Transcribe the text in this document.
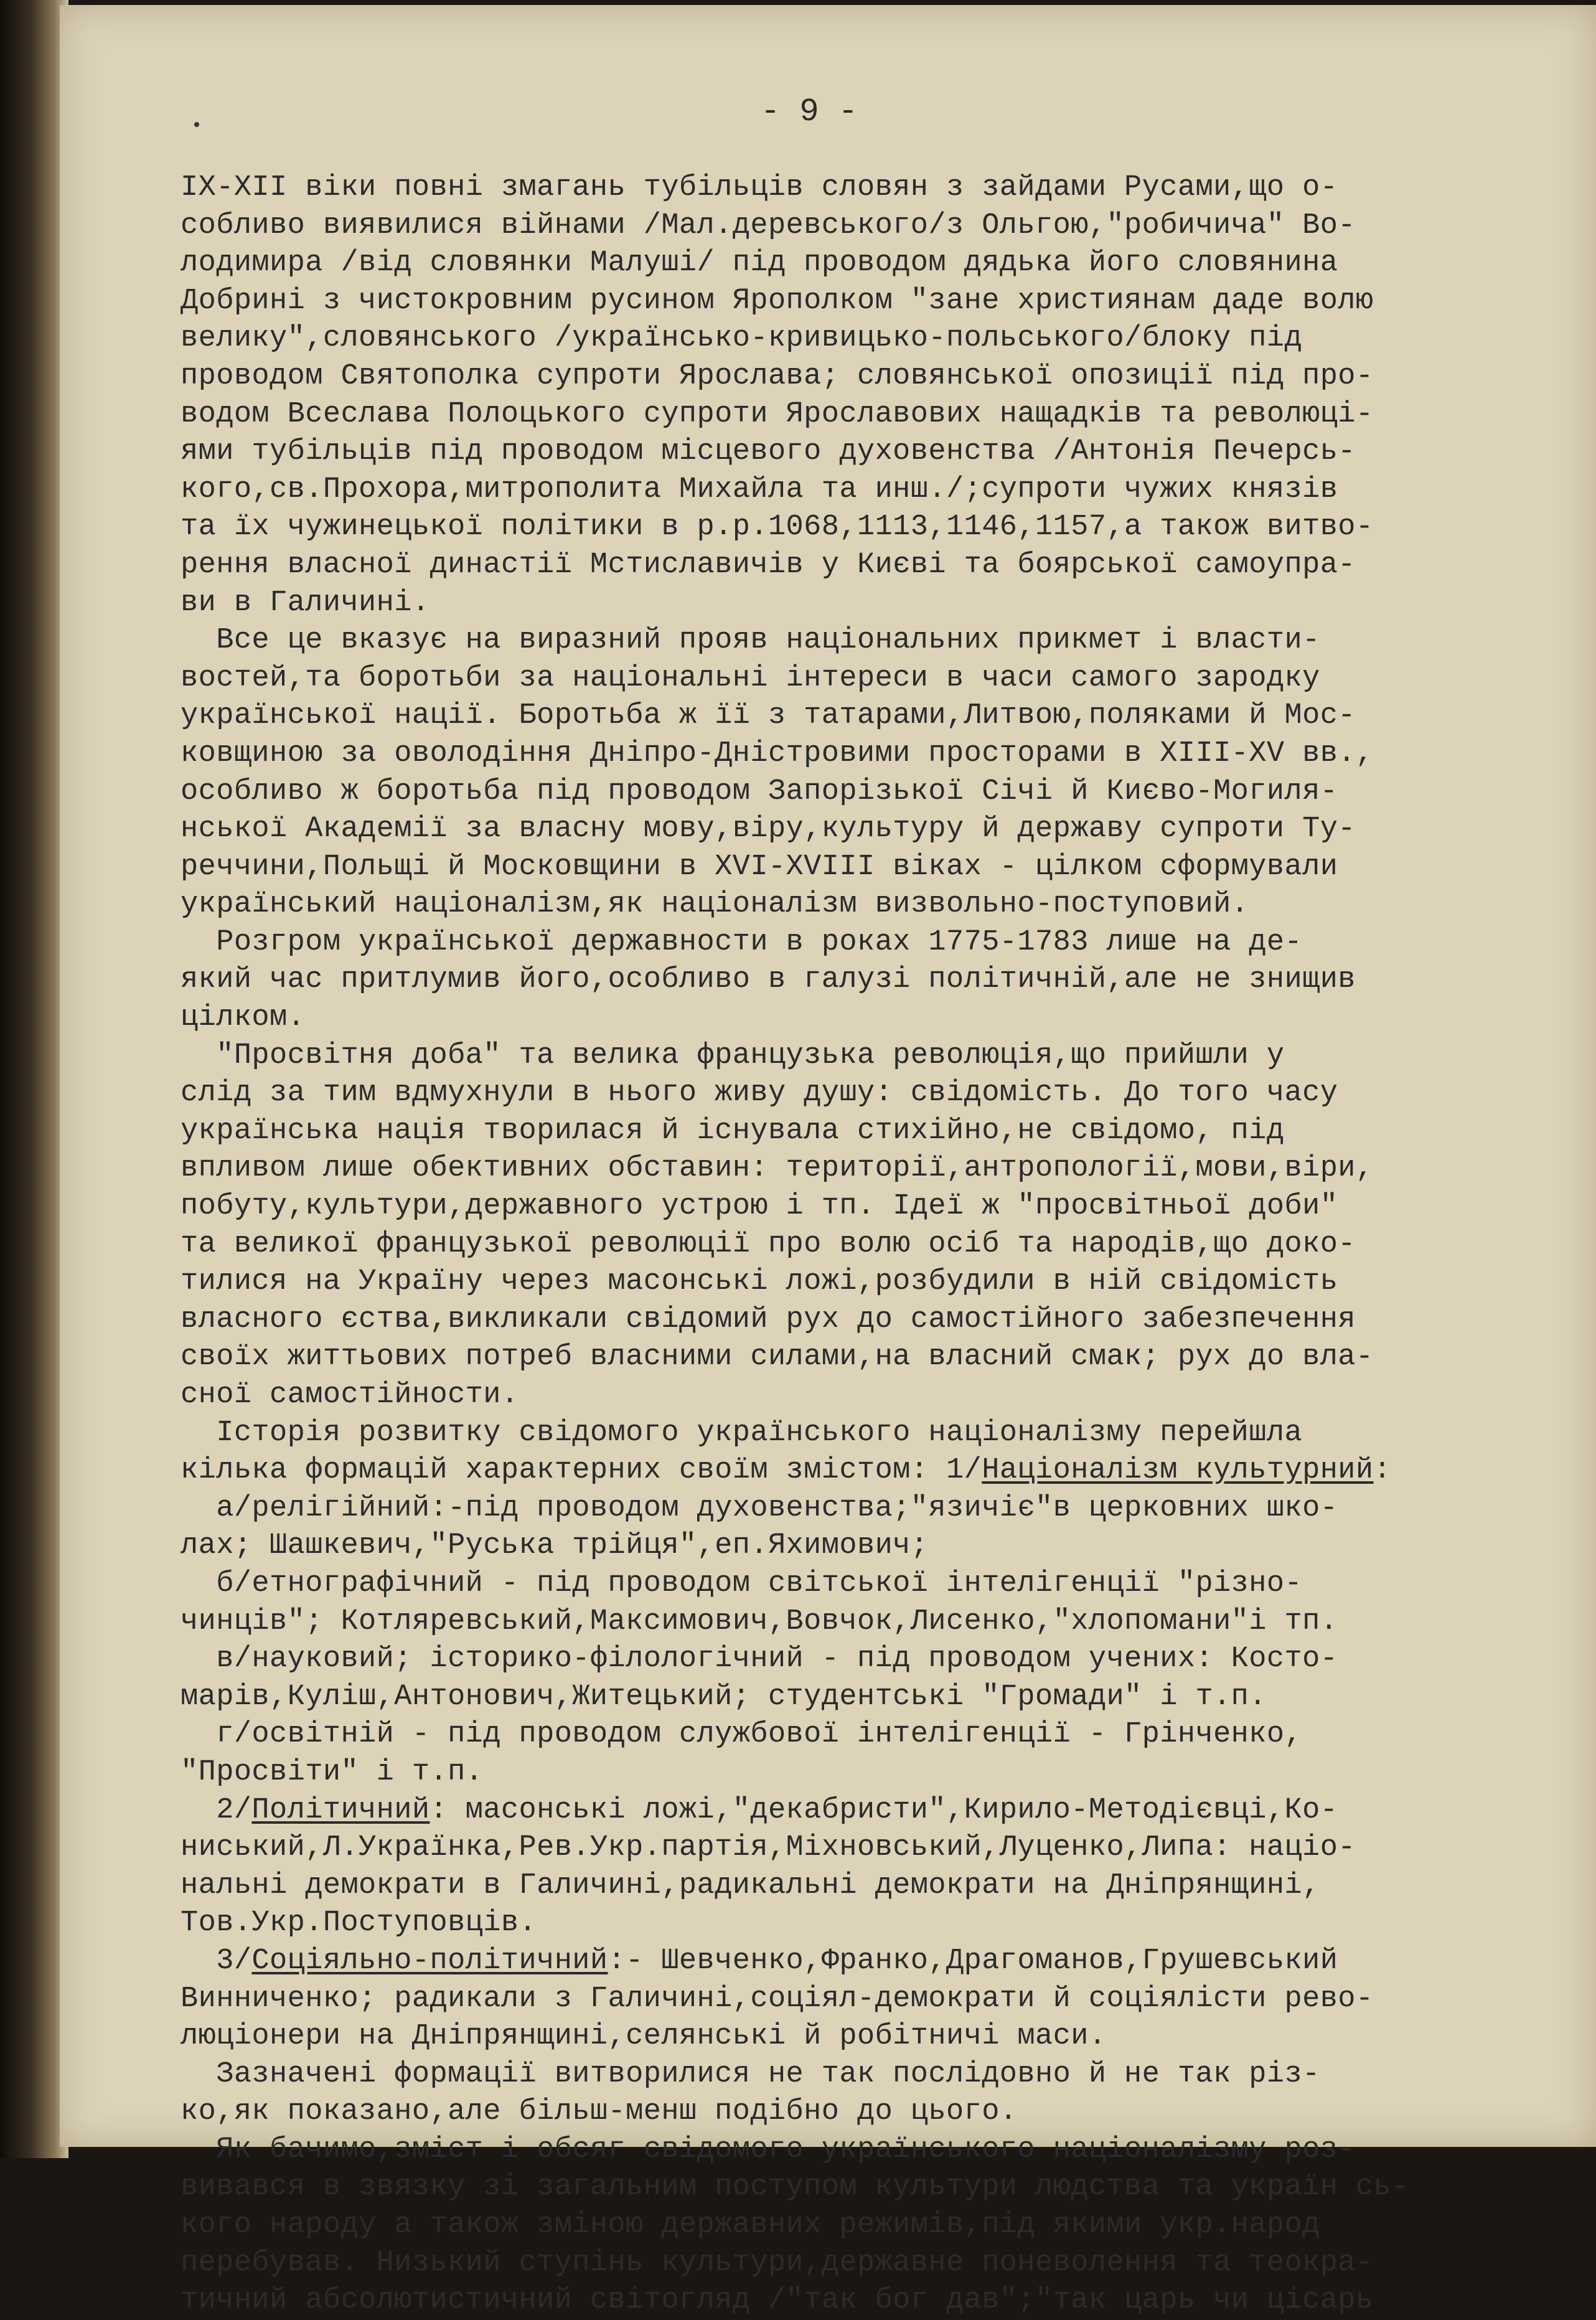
- 9 -
IX-XII віки повні змагань тубільців словян з зайдами Русами,що о-
собливо виявилися війнами /Мал.деревського/з Ольгою,"робичича" Во-
лодимира /від словянки Малуші/ під проводом дядька його словянина
Добрині з чистокровним русином Ярополком "зане християнам даде волю
велику",словянського /українсько-кривицько-польського/блоку під
проводом Святополка супроти Ярослава; словянської опозиції під про-
водом Всеслава Полоцького супроти Ярославових нащадків та революці-
ями тубільців під проводом місцевого духовенства /Антонія Печерсь-
кого,св.Прохора,митрополита Михайла та инш./;супроти чужих князів
та їх чужинецької політики в р.р.1068,1113,1146,1157,а також витво-
рення власної династії Мстиславичів у Києві та боярської самоупра-
ви в Галичині.
Все це вказує на виразний прояв національних прикмет і власти-
востей,та боротьби за національні інтереси в часи самого зародку
української нації. Боротьба ж її з татарами,Литвою,поляками й Мос-
ковщиною за оволодіння Дніпро-Дністровими просторами в XIII-XV вв.,
особливо ж боротьба під проводом Запорізької Січі й Києво-Могиля-
нської Академії за власну мову,віру,культуру й державу супроти Ту-
реччини,Польщі й Московщини в XVI-XVIII віках - цілком сформували
український націоналізм,як націоналізм визвольно-поступовий.
Розгром української державности в роках 1775-1783 лише на де-
який час притлумив його,особливо в галузі політичній,але не знищив
цілком.
"Просвітня доба" та велика французька революція,що прийшли у
слід за тим вдмухнули в нього живу душу: свідомість. До того часу
українська нація творилася й існувала стихійно,не свідомо, під
впливом лише обективних обставин: території,антропології,мови,віри,
побуту,культури,державного устрою і тп. Ідеї ж "просвітньої доби"
та великої французької революції про волю осіб та народів,що доко-
тилися на Україну через масонські ложі,розбудили в ній свідомість
власного єства,викликали свідомий рух до самостійного забезпечення
своїх життьових потреб власними силами,на власний смак; рух до вла-
сної самостійности.
Історія розвитку свідомого українського націоналізму перейшла
кілька формацій характерних своїм змістом: 1/Націоналізм культурний:
а/релігійний:-під проводом духовенства;"язичіє"в церковних шко-
лах; Шашкевич,"Руська трійця",еп.Яхимович;
б/етнографічний - під проводом світської інтелігенції "різно-
чинців"; Котляревський,Максимович,Вовчок,Лисенко,"хлопомани"і тп.
в/науковий; історико-філологічний - під проводом учених: Косто-
марів,Куліш,Антонович,Житецький; студентські "Громади" і т.п.
г/освітній - під проводом службової інтелігенції - Грінченко,
"Просвіти" і т.п.
2/Політичний: масонські ложі,"декабристи",Кирило-Методієвці,Ко-
ниський,Л.Українка,Рев.Укр.партія,Міхновський,Луценко,Липа: націо-
нальні демократи в Галичині,радикальні демократи на Дніпрянщині,
Тов.Укр.Поступовців.
3/Соціяльно-політичний:- Шевченко,Франко,Драгоманов,Грушевський
Винниченко; радикали з Галичині,соціял-демократи й соціялісти рево-
люціонери на Дніпрянщині,селянські й робітничі маси.
Зазначені формації витворилися не так послідовно й не так різ-
ко,як показано,але більш-менш подібно до цього.
Як бачимо,зміст і обсяг свідомого українського націоналізму роз-
вивався в звязку зі загальним поступом культури людства та україн сь-
кого народу а також зміною державних режимів,під якими укр.народ
перебував. Низький ступінь культури,державне поневолення та теокра-
тичний абсолютистичний світогляд /"так бог дав";"так царь чи цісарь
